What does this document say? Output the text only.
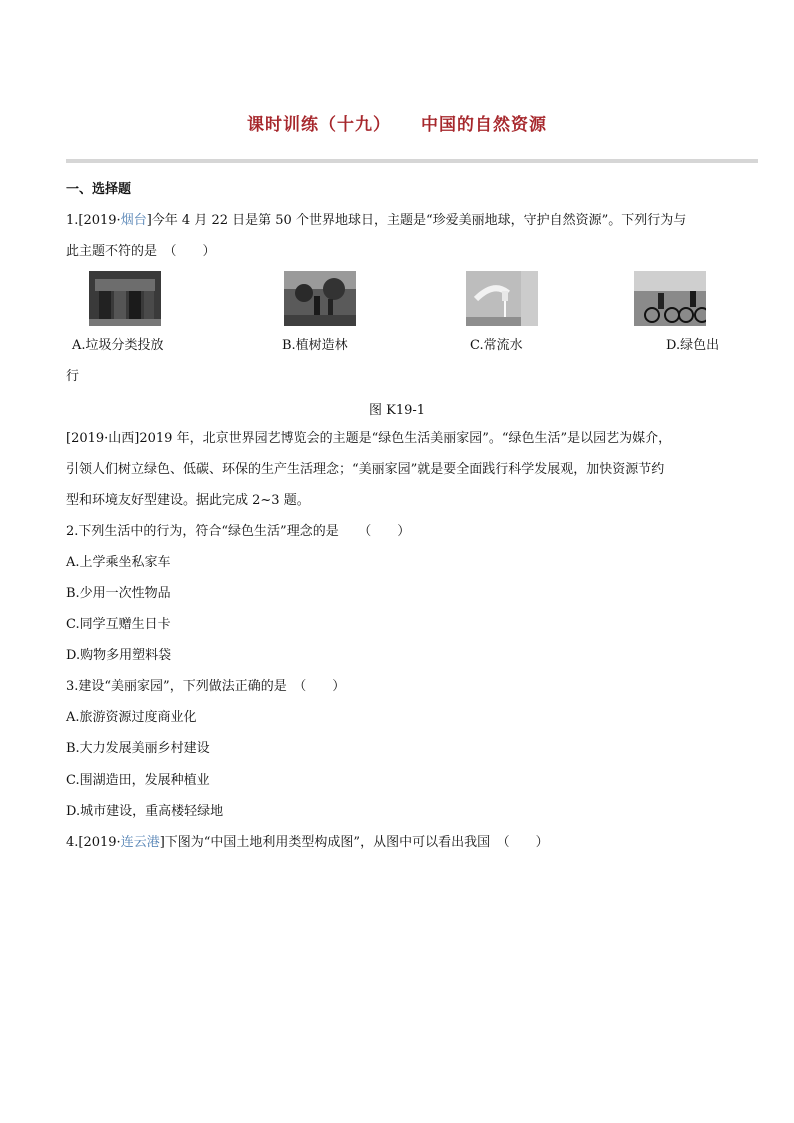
课时训练（十九） 中国的自然资源
一、选择题
1.[2019·烟台]今年 4 月 22 日是第 50 个世界地球日，主题是“珍爱美丽地球，守护自然资源”。下列行为与
此主题不符的是　（　　）
A.垃圾分类投放	B.植树造林	C.常流水	D.绿色出
行
图 K19-1
[2019·山西]2019 年，北京世界园艺博览会的主题是“绿色生活美丽家园”。“绿色生活”是以园艺为媒介，
引领人们树立绿色、低碳、环保的生产生活理念；“美丽家园”就是要全面践行科学发展观，加快资源节约
型和环境友好型建设。据此完成 2~3 题。
2.下列生活中的行为，符合“绿色生活”理念的是　　（　　）
A.上学乘坐私家车
B.少用一次性物品
C.同学互赠生日卡
D.购物多用塑料袋
3.建设“美丽家园”，下列做法正确的是　（　　）
A.旅游资源过度商业化
B.大力发展美丽乡村建设
C.围湖造田，发展种植业
D.城市建设，重高楼轻绿地
4.[2019·连云港]下图为“中国土地利用类型构成图”，从图中可以看出我国　（　　）
